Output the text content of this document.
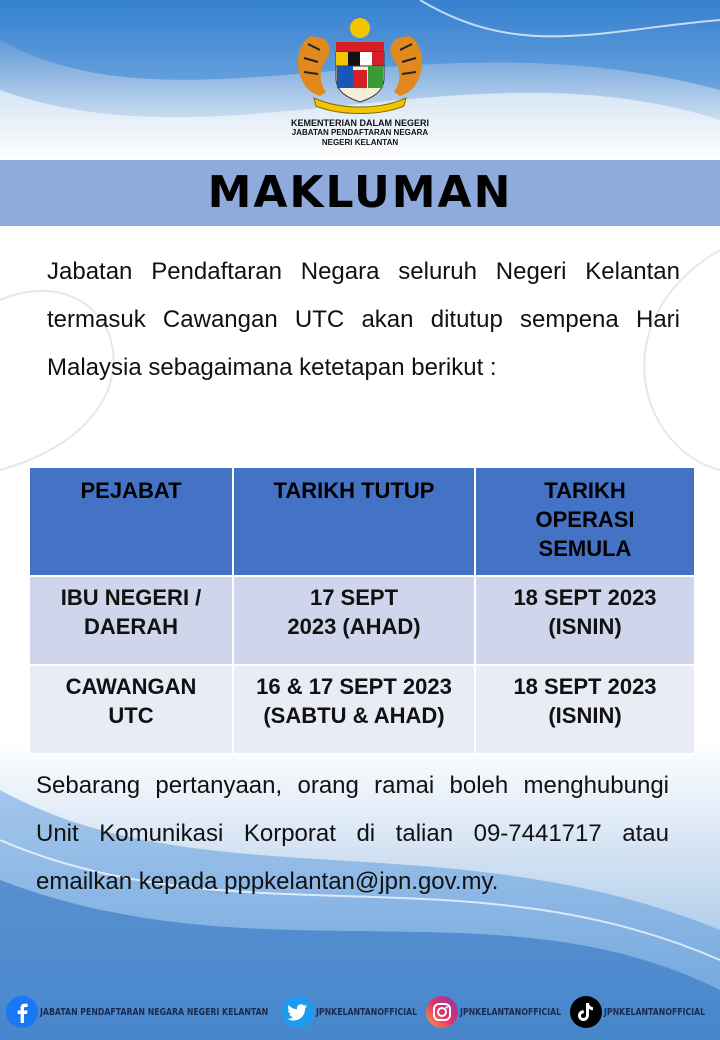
KEMENTERIAN DALAM NEGERI
JABATAN PENDAFTARAN NEGARA
NEGERI KELANTAN
MAKLUMAN
Jabatan Pendaftaran Negara seluruh Negeri Kelantan termasuk Cawangan UTC akan ditutup sempena Hari Malaysia sebagaimana ketetapan berikut :
PEJABAT	TARIKH TUTUP	TARIKH OPERASI SEMULA
IBU NEGERI / DAERAH	17 SEPT 2023 (AHAD)	18 SEPT 2023 (ISNIN)
CAWANGAN UTC	16 & 17 SEPT 2023 (SABTU & AHAD)	18 SEPT 2023 (ISNIN)
Sebarang pertanyaan, orang ramai boleh menghubungi Unit Komunikasi Korporat di talian 09-7441717 atau emailkan kepada pppkelantan@jpn.gov.my.
JABATAN PENDAFTARAN NEGARA NEGERI KELANTAN	JPNKELANTANOFFICIAL	JPNKELANTANOFFICIAL	JPNKELANTANOFFICIAL
